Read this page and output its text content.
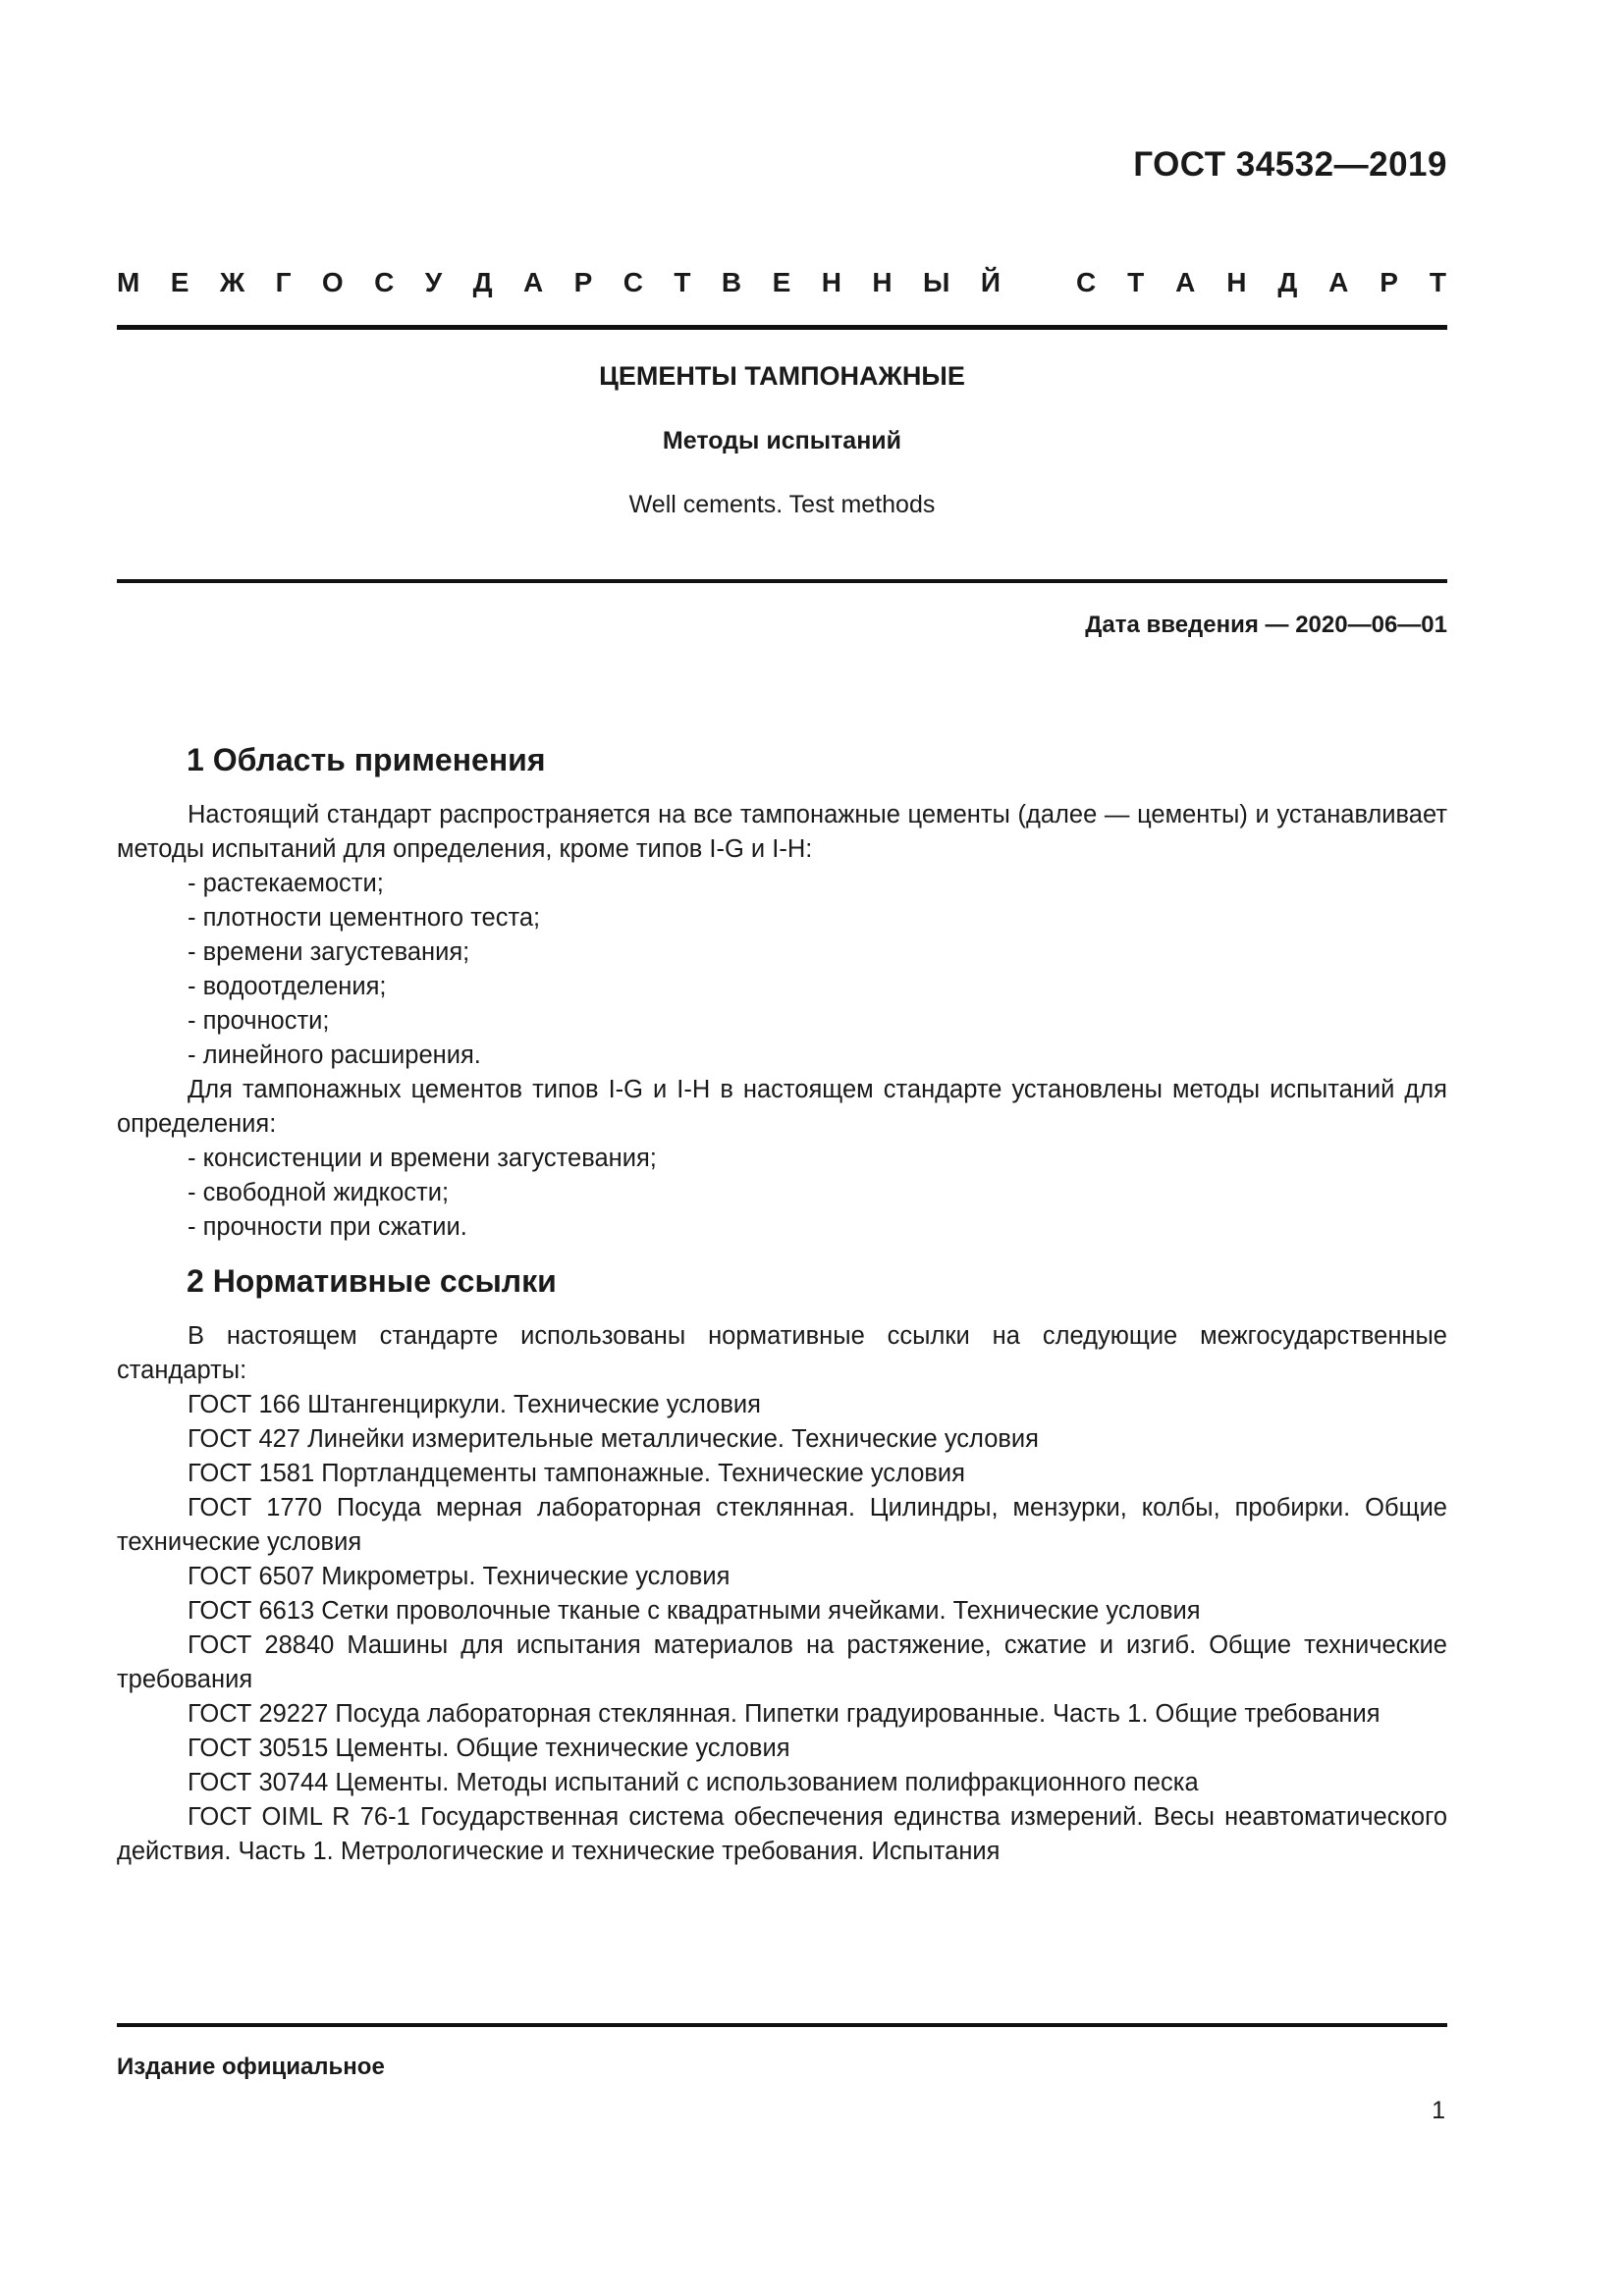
ГОСТ 34532—2019
М Е Ж Г О С У Д А Р С Т В Е Н Н Ы Й	С Т А Н Д А Р Т
ЦЕМЕНТЫ ТАМПОНАЖНЫЕ
Методы испытаний
Well cements. Test methods
Дата введения — 2020—06—01
1 Область применения

Настоящий стандарт распространяется на все тампонажные цементы (далее — цементы) и устанавливает методы испытаний для определения, кроме типов I-G и I-H:

- растекаемости;

- плотности цементного теста;

- времени загустевания;

- водоотделения;

- прочности;

- линейного расширения.

Для тампонажных цементов типов I-G и I-H в настоящем стандарте установлены методы испытаний для определения:

- консистенции и времени загустевания;

- свободной жидкости;

- прочности при сжатии.

2 Нормативные ссылки

В настоящем стандарте использованы нормативные ссылки на следующие межгосударственные стандарты:

ГОСТ 166 Штангенциркули. Технические условия

ГОСТ 427 Линейки измерительные металлические. Технические условия

ГОСТ 1581 Портландцементы тампонажные. Технические условия

ГОСТ 1770 Посуда мерная лабораторная стеклянная. Цилиндры, мензурки, колбы, пробирки. Общие технические условия

ГОСТ 6507 Микрометры. Технические условия

ГОСТ 6613 Сетки проволочные тканые с квадратными ячейками. Технические условия

ГОСТ 28840 Машины для испытания материалов на растяжение, сжатие и изгиб. Общие технические требования

ГОСТ 29227 Посуда лабораторная стеклянная. Пипетки градуированные. Часть 1. Общие требования

ГОСТ 30515 Цементы. Общие технические условия

ГОСТ 30744 Цементы. Методы испытаний с использованием полифракционного песка

ГОСТ OIML R 76-1 Государственная система обеспечения единства измерений. Весы неавтоматического действия. Часть 1. Метрологические и технические требования. Испытания

Издание официальное
1
